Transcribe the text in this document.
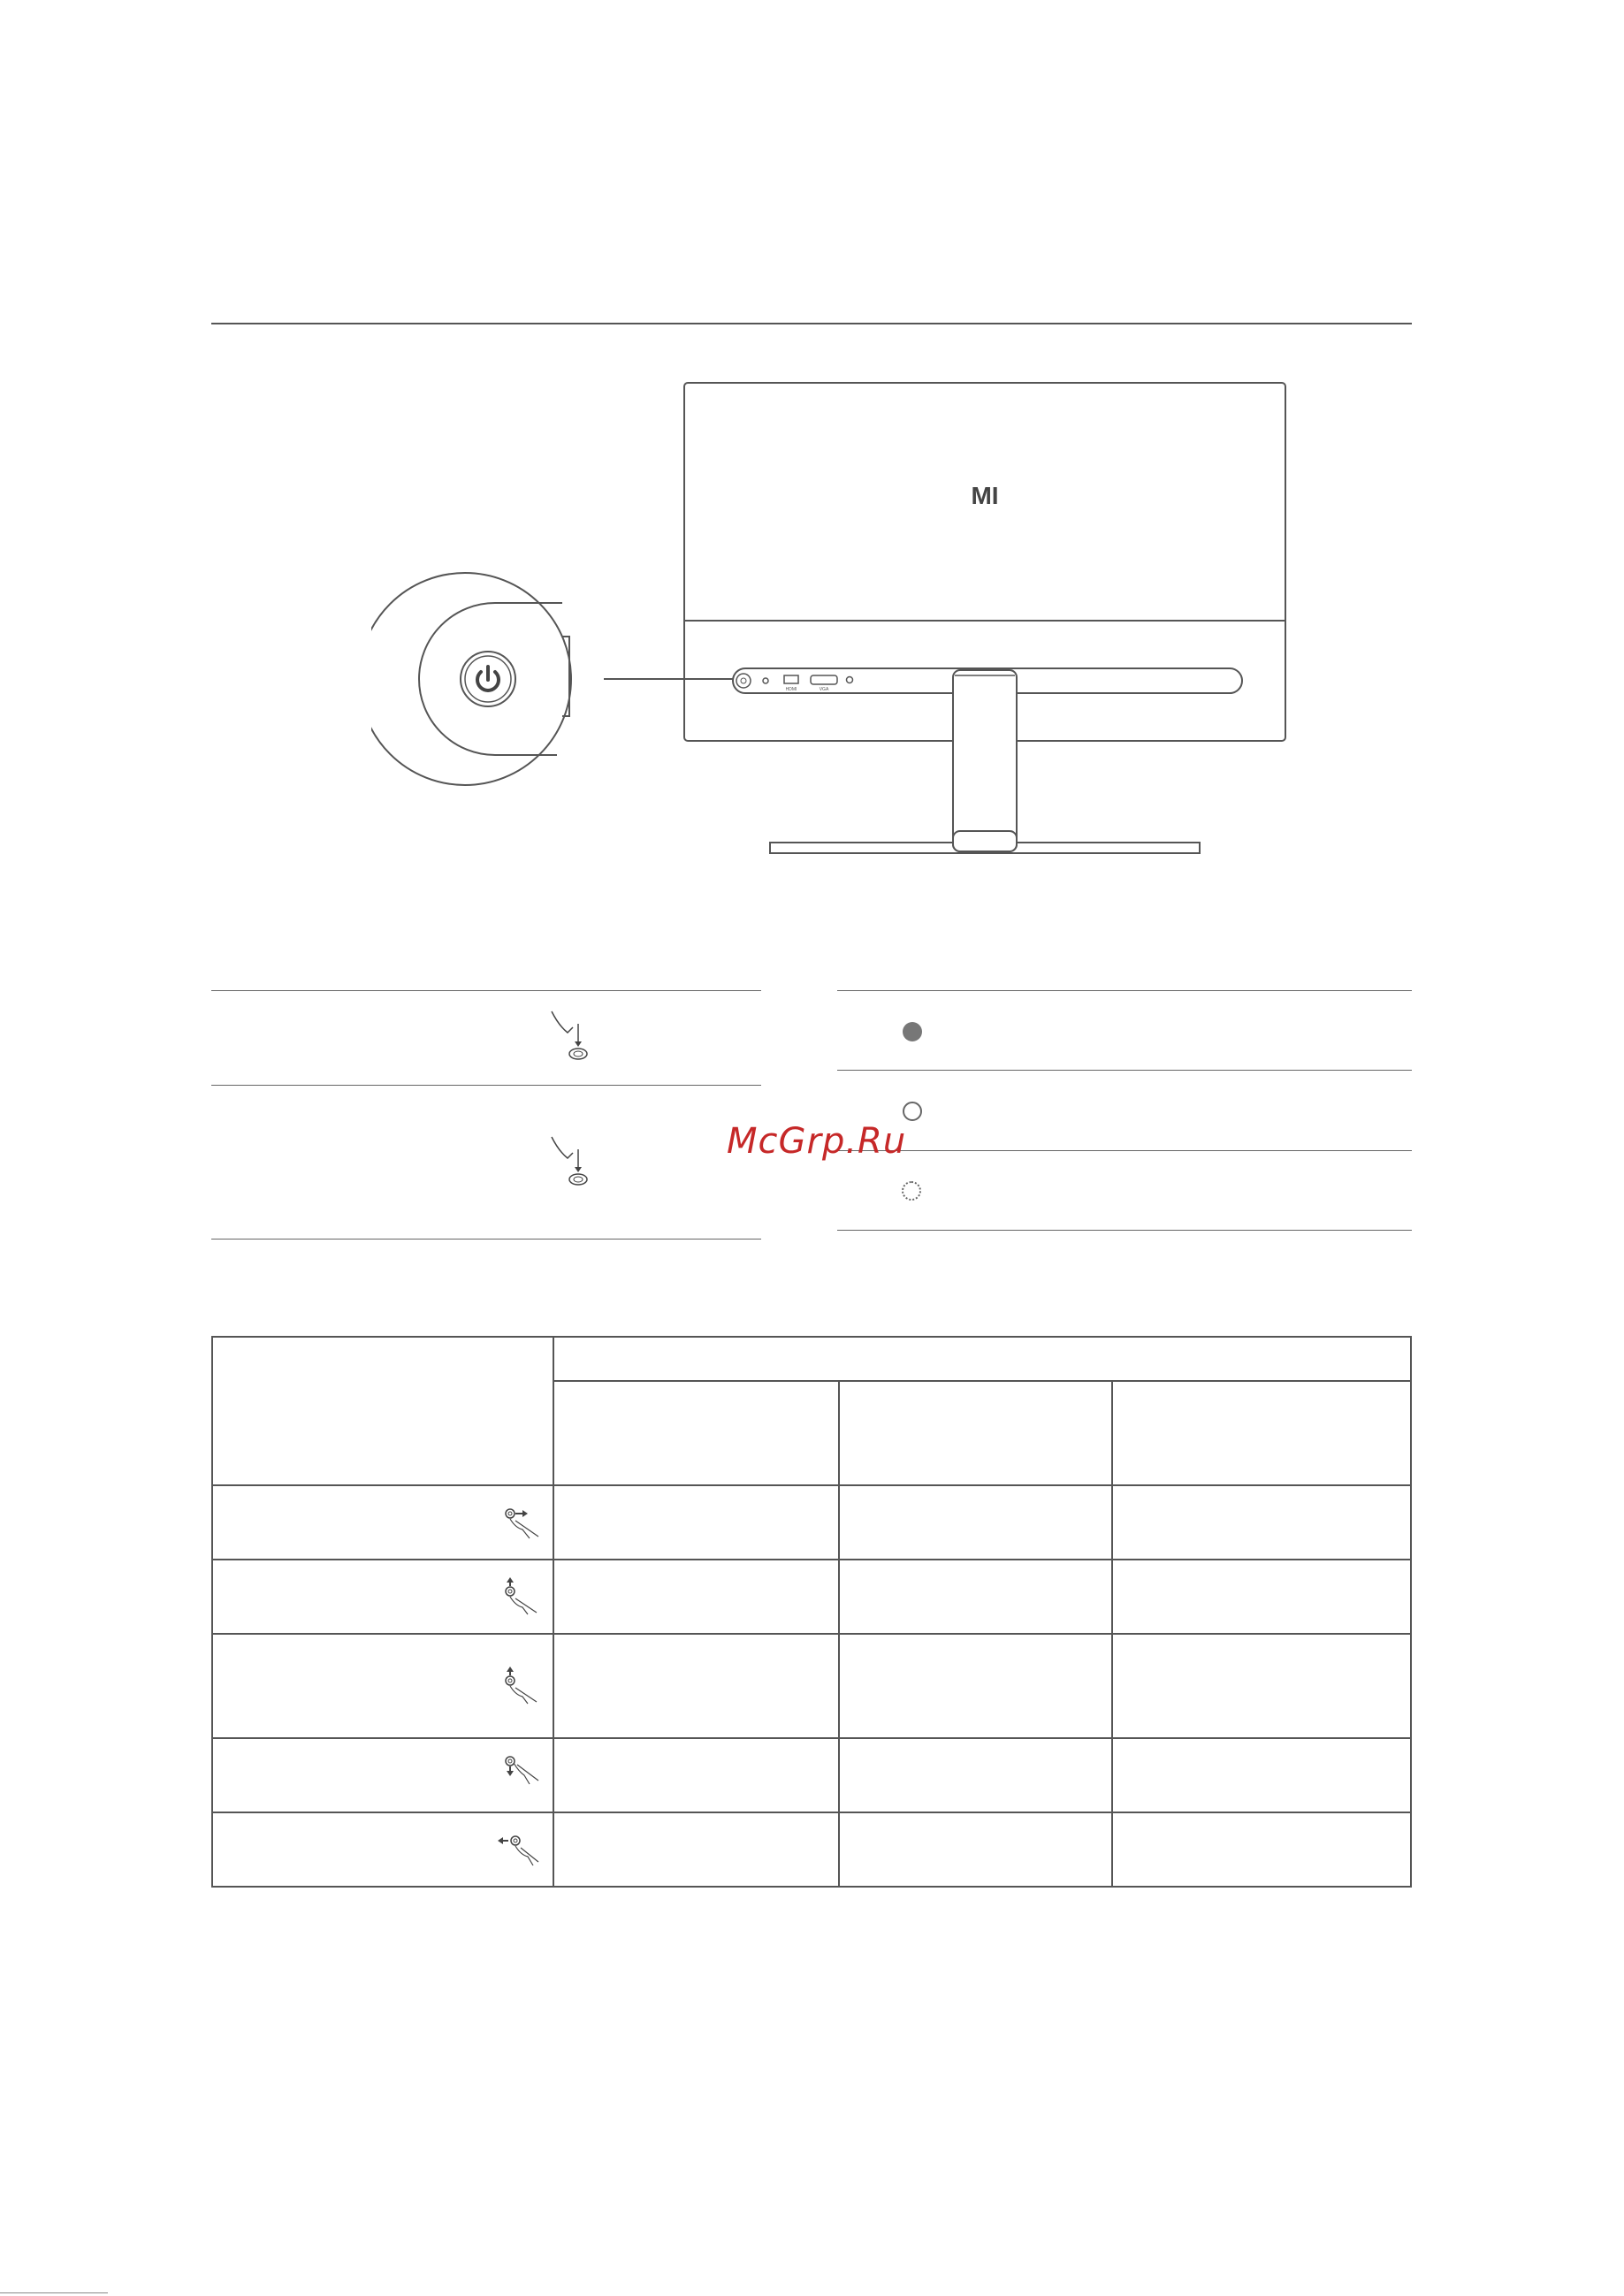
MI
HDMI	VGA
McGrp.Ru
